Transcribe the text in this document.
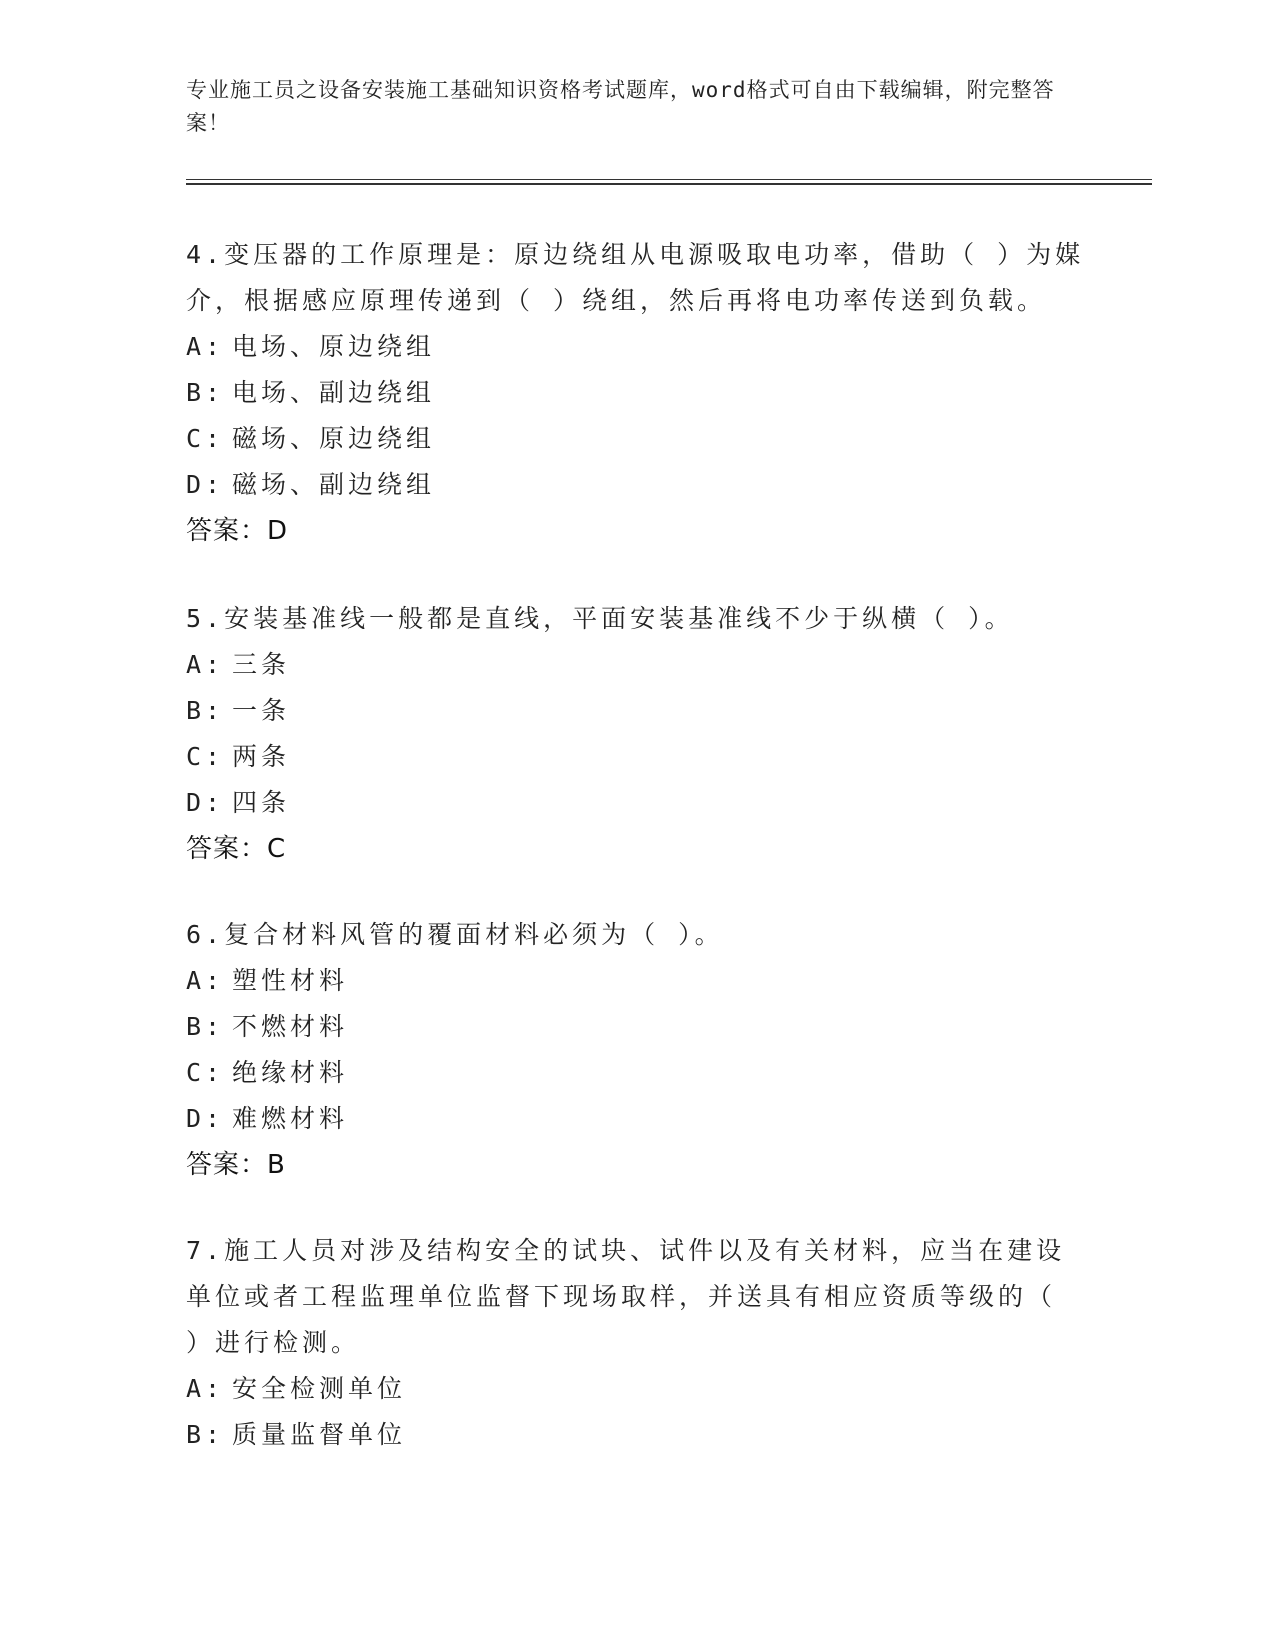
专业施工员之设备安装施工基础知识资格考试题库，word格式可自由下载编辑，附完整答案！
4.变压器的工作原理是：原边绕组从电源吸取电功率，借助（ ）为媒介，根据感应原理传递到（ ）绕组，然后再将电功率传送到负载。
A: 电场、原边绕组
B: 电场、副边绕组
C: 磁场、原边绕组
D: 磁场、副边绕组
答案：D
5.安装基准线一般都是直线，平面安装基准线不少于纵横（ ）。
A: 三条
B: 一条
C: 两条
D: 四条
答案：C
6.复合材料风管的覆面材料必须为（ ）。
A: 塑性材料
B: 不燃材料
C: 绝缘材料
D: 难燃材料
答案：B
7.施工人员对涉及结构安全的试块、试件以及有关材料，应当在建设单位或者工程监理单位监督下现场取样，并送具有相应资质等级的（ ）进行检测。
A: 安全检测单位
B: 质量监督单位
